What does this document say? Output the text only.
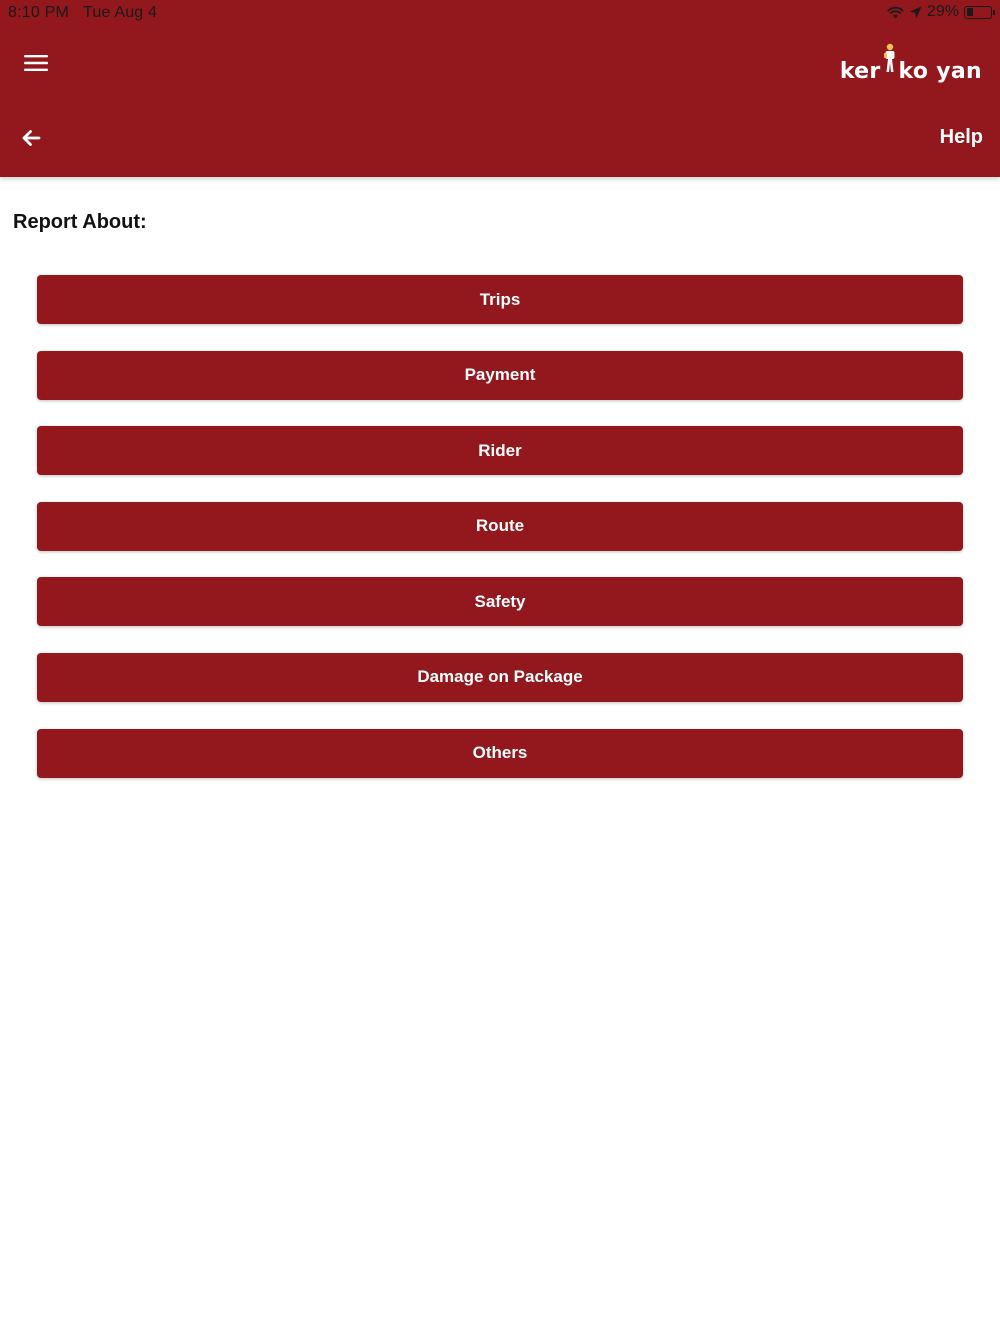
8:10 PM Tue Aug 4	29%
ker ko yan
Help
Report About:
Trips
Payment
Rider
Route
Safety
Damage on Package
Others
